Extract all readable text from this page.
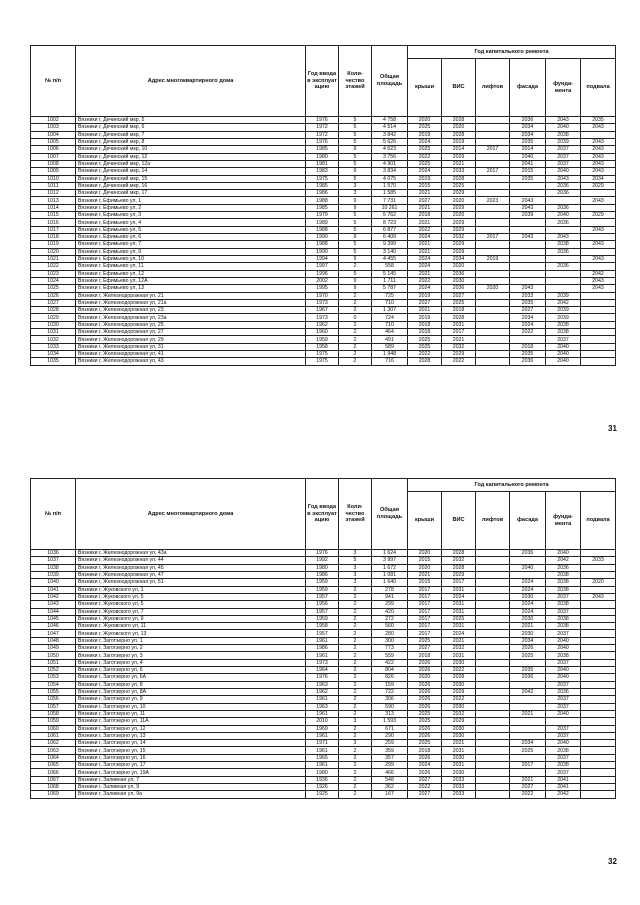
№ п/п	Адрес многоквартирного дома	Год ввода в эксплуат ацию	Коли-чество этажей	Общая площадь	Год капитального ремонта					
					крыши	ВИС	лифтов	фасада	фунда-мента	подвала
1002	Вязники г, Дечинский мкр, 5	1976	5	4 758	2020	2028		2036	2043	2035
1003	Вязники г, Дечинский мкр, 6	1972	5	4 514	2025	2020		2034	2040	2043
1004	Вязники г, Дечинский мкр, 7	1972	5	3 842	2019	2028		2034	2038	
1005	Вязники г, Дечинский мкр, 8	1976	5	5 626	2024	2019		2035	2039	2043
1006	Вязники г, Дечинский мкр, 10	1985	9	4 623	2025	2014	2017	2014	2037	2043
1007	Вязники г, Дечинский мкр, 12	1980	5	3 756	2022	2029		2040	2037	2043
1008	Вязники г, Дечинский мкр, 12а	1981	5	4 901	2025	2021		2041	2037	2043
1009	Вязники г, Дечинский мкр, 14	1983	9	3 834	2024	2033	2017	2015	2040	2043
1010	Вязники г, Дечинский мкр, 15	1975	5	4 075	2019	2028		2035	2043	2034
1011	Вязники г, Дечинский мкр, 16	1985	3	1 570	2015	2025			2036	2029
1012	Вязники г, Дечинский мкр, 17	1986	3	1 585	2021	2029			2036	
1013	Вязники г, Ефимьево ул, 1	1988	9	7 731	2027	2020	2023	2043		2043
1014	Вязники г, Ефимьево ул, 2	1985	9	10 261	2021	2029		2043	2036	
1015	Вязники г, Ефимьево ул, 3	1979	5	5 762	2018	2020		2039	2040	2029
1016	Вязники г, Ефимьево ул, 4	1989	5	8 723	2021	2029			2036	
1017	Вязники г, Ефимьево ул, 5	1988	5	6 877	2022	2029				2043
1018	Вязники г, Ефимьево ул, 6	1990	9	6 409	2024	2032	2017	2043	2043	
1019	Вязники г, Ефимьево ул, 7	1988	5	9 399	2021	2029			2038	2043
1020	Вязники г, Ефимьево ул, 9	1990	5	3 140	2021	2029			2036	
1021	Вязники г, Ефимьево ул, 10	1994	9	4 455	2024	2034	2019			2043
1022	Вязники г, Ефимьево ул, 11	1997	2	558	2024	2020			2036	
1023	Вязники г, Ефимьево ул, 12	1996	5	5 145	2021	2036				2042
1024	Вязники г, Ефимьево ул, 12А	2002	9	1 711	2022	2030				2043
1025	Вязники г, Ефимьево ул, 13	1995	9	5 787	2024	2036	2020	2043		2043
1026	Вязники г, Железнодорожная ул, 21	1970	2	725	2019	2027		2033	2039	
1027	Вязники г, Железнодорожная ул, 21а	1973	2	710	2027	2025		2035	2042	
1028	Вязники г, Железнодорожная ул, 23	1967	2	1 307	2021	2018		2027	2039	
1029	Вязники г, Железнодорожная ул, 23а	1973	0	724	2019	2028		2034	2039	
1030	Вязники г, Железнодорожная ул, 25	1962	2	710	2018	2031		2024	2038	
1031	Вязники г, Железнодорожная ул, 27	1960	2	464	2018	2017		2022	2038	
1032	Вязники г, Железнодорожная ул, 29	1959	2	491	2025	2021			2037	
1033	Вязники г, Железнодорожная ул, 31	1958	2	589	2025	2032		2018	2040	
1034	Вязники г, Железнодорожная ул, 41	1975	2	1 948	2022	2029		2035	2040	
1035	Вязники г, Железнодорожная ул, 43	1975	2	716	2028	2022		2036	2040	
31
№ п/п	Адрес многоквартирного дома	Год ввода в эксплуат ацию	Коли-чество этажей	Общая площадь	Год капитального ремонта					
					крыши	ВИС	лифтов	фасада	фунда-мента	подвала
1036	Вязники г, Железнодорожная ул, 43а	1976	3	1 624	2020	2028		2036	2040	
1037	Вязники г, Железнодорожная ул, 44	1992	5	3 997	2015	2032			2042	2033
1038	Вязники г, Железнодорожная ул, 45	1980	3	1 672	2020	2028		2040	2036	
1039	Вязники г, Железнодорожная ул, 47	1986	3	1 081	2021	2029			2038	
1040	Вязники г, Железнодорожная ул, 51	1959	3	1 640	2015	2017		2024	2038	2020
1041	Вязники г, Жуковского ул, 1	1959	2	278	2017	2031		2024	2038	
1042	Вязники г, Жуковского ул, 5	1957	2	941	2017	2024		2030	2037	2043
1043	Вязники г, Жуковского ул, 5	1956	2	299	2017	2031		2024	2038	
1044	Вязники г, Жуковского ул, 7	1957	2	420	2017	2031		2024	2037	
1045	Вязники г, Жуковского ул, 9	1959	2	272	2017	2025		2030	2038	
1046	Вязники г, Жуковского ул, 11	1958	2	560	2017	2031		2021	2038	
1047	Вязники г, Жуковского ул, 13	1957	2	280	2017	2024		2030	2037	
1048	Вязники г, Заготзерно ул, 1	1961	2	300	2025	2021		2034	2040	
1049	Вязники г, Заготзерно ул, 2	1986	2	773	2027	2032		2026	2040	
1050	Вязники г, Заготзерно ул, 3	1961	2	559	2018	2031		2025	2038	
1051	Вязники г, Заготзерно ул, 4	1973	2	422	2026	2030			2037	
1052	Вязники г, Заготзерно ул, 6	1964	2	804	2026	2022		2035	2040	
1053	Вязники г, Заготзерно ул, 6А	1976	2	826	2020	2028		2036	2040	
1054	Вязники г, Заготзерно ул, 8	1963	2	159	2026	2030			2037	
1055	Вязники г, Заготзерно ул, 8А	1962	2	722	2026	2029		2042	2036	
1056	Вязники г, Заготзерно ул, 9	1961	2	306	2026	2022			2037	
1057	Вязники г, Заготзерно ул, 10	1963	2	590	2026	2030			2037	
1058	Вязники г, Заготзерно ул, 11	1961	2	313	2025	2032		2021	2040	
1059	Вязники г, Заготзерно ул, 11А	2010	3	1 593	2025	2029				
1060	Вязники г, Заготзерно ул, 12	1969	2	671	2026	2030			2037	
1061	Вязники г, Заготзерно ул, 13	1961	2	290	2026	2030			2037	
1062	Вязники г, Заготзерно ул, 14	1971	3	259	2025	2021		2034	2040	
1063	Вязники г, Заготзерно ул, 15	1961	2	359	2018	2031		2025	2038	
1064	Вязники г, Заготзерно ул, 16	1965	2	357	2026	2030			2037	
1065	Вязники г, Заготзерно ул, 17	1961	2	299	2024	2031		2017	2038	
1066	Вязники г, Заготзерно ул, 19А	1980	2	466	2026	2030			2037	
1067	Вязники г, Заливная ул, 7	1936	2	548	2027	2033		2021	2041	
1068	Вязники г, Заливная ул, 9	1926	2	362	2022	2033		2027	2041	
1069	Вязники г, Заливная ул, 9а	1925	2	167	2027	2033		2022	2042	
32
